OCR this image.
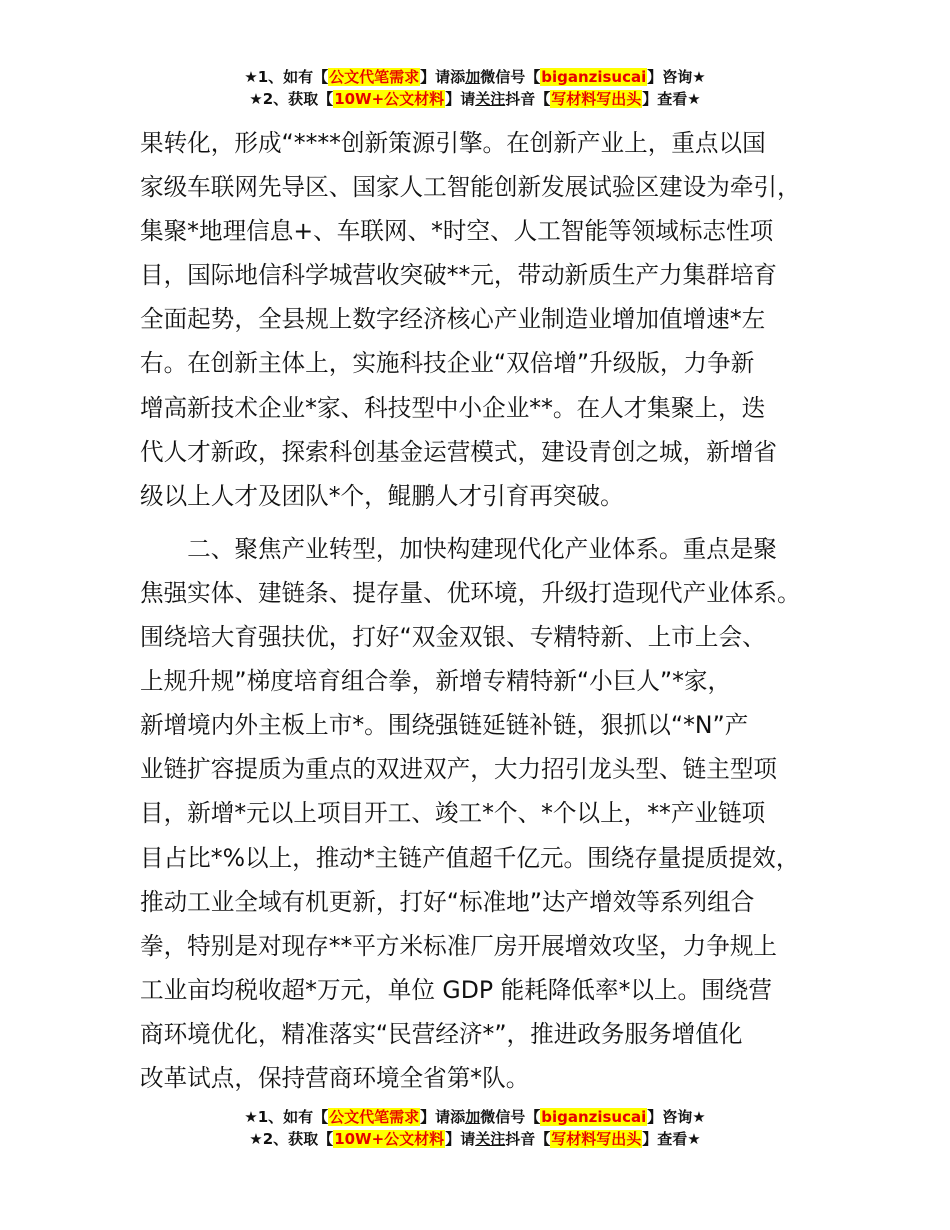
★1、如有【公文代笔需求】请添加微信号【biganzisucai】咨询★
★2、获取【10W+公文材料】请关注抖音【写材料写出头】查看★
果转化，形成“****创新策源引擎。在创新产业上，重点以国
家级车联网先导区、国家人工智能创新发展试验区建设为牵引，
集聚*地理信息+、车联网、*时空、人工智能等领域标志性项
目，国际地信科学城营收突破**元，带动新质生产力集群培育
全面起势，全县规上数字经济核心产业制造业增加值增速*左
右。在创新主体上，实施科技企业“双倍增”升级版，力争新
增高新技术企业*家、科技型中小企业**。在人才集聚上，迭
代人才新政，探索科创基金运营模式，建设青创之城，新增省
级以上人才及团队*个，鲲鹏人才引育再突破。
　　二、聚焦产业转型，加快构建现代化产业体系。重点是聚
焦强实体、建链条、提存量、优环境，升级打造现代产业体系。
围绕培大育强扶优，打好“双金双银、专精特新、上市上会、
上规升规”梯度培育组合拳，新增专精特新“小巨人”*家，
新增境内外主板上市*。围绕强链延链补链，狠抓以“*N”产
业链扩容提质为重点的双进双产，大力招引龙头型、链主型项
目，新增*元以上项目开工、竣工*个、*个以上，**产业链项
目占比*%以上，推动*主链产值超千亿元。围绕存量提质提效，
推动工业全域有机更新，打好“标准地”达产增效等系列组合
拳，特别是对现存**平方米标准厂房开展增效攻坚，力争规上
工业亩均税收超*万元，单位 GDP 能耗降低率*以上。围绕营
商环境优化，精准落实“民营经济*”，推进政务服务增值化
改革试点，保持营商环境全省第*队。
★1、如有【公文代笔需求】请添加微信号【biganzisucai】咨询★
★2、获取【10W+公文材料】请关注抖音【写材料写出头】查看★
